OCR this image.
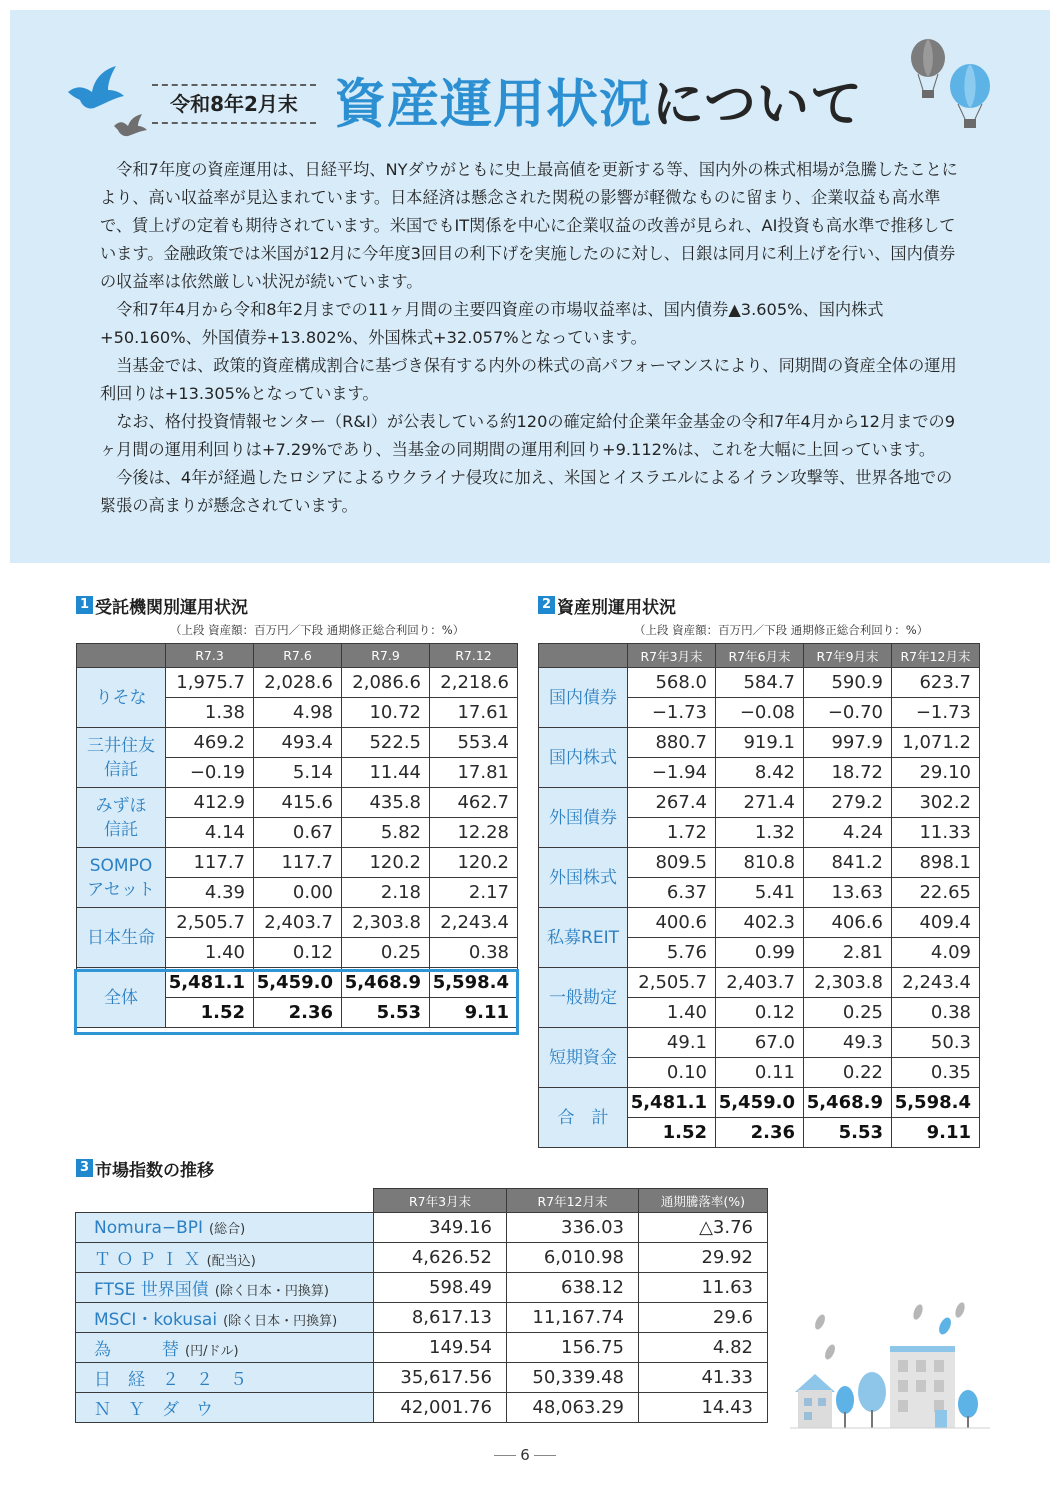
令和8年2月末 資産運用状況について

令和7年度の資産運用は、日経平均、NYダウがともに史上最高値を更新する等、国内外の株式相場が急騰したことにより、高い収益率が見込まれています。日本経済は懸念された関税の影響が軽微なものに留まり、企業収益も高水準で、賃上げの定着も期待されています。米国でもIT関係を中心に企業収益の改善が見られ、AI投資も高水準で推移しています。金融政策では米国が12月に今年度3回目の利下げを実施したのに対し、日銀は同月に利上げを行い、国内債券の収益率は依然厳しい状況が続いています。

令和7年4月から令和8年2月までの11ヶ月間の主要四資産の市場収益率は、国内債券▲3.605%、国内株式+50.160%、外国債券+13.802%、外国株式+32.057%となっています。

当基金では、政策的資産構成割合に基づき保有する内外の株式の高パフォーマンスにより、同期間の資産全体の運用利回りは+13.305%となっています。

なお、格付投資情報センター（R&I）が公表している約120の確定給付企業年金基金の令和7年4月から12月までの9ヶ月間の運用利回りは+7.29%であり、当基金の同期間の運用利回り+9.112%は、これを大幅に上回っています。

今後は、4年が経過したロシアによるウクライナ侵攻に加え、米国とイスラエルによるイラン攻撃等、世界各地での緊張の高まりが懸念されています。

1 受託機関別運用状況
（上段 資産額：百万円／下段 通期修正総合利回り：%）
	R7.3	R7.6	R7.9	R7.12

りそな	1,975.7	2,028.6	2,086.6	2,218.6
	1.38	4.98	10.72	17.61

三井住友
信託	469.2	493.4	522.5	553.4
	−0.19	5.14	11.44	17.81

みずほ
信託	412.9	415.6	435.8	462.7
	4.14	0.67	5.82	12.28

SOMPO
アセット	117.7	117.7	120.2	120.2
	4.39	0.00	2.18	2.17

日本生命	2,505.7	2,403.7	2,303.8	2,243.4
	1.40	0.12	0.25	0.38
全体	5,481.1	5,459.0	5,468.9	5,598.4
	1.52	2.36	5.53	9.11
2 資産別運用状況
（上段 資産額：百万円／下段 通期修正総合利回り：%）
	R7年3月末	R7年6月末	R7年9月末	R7年12月末
国内債券	568.0	584.7	590.9	623.7
	−1.73	−0.08	−0.70	−1.73
国内株式	880.7	919.1	997.9	1,071.2
	−1.94	8.42	18.72	29.10
外国債券	267.4	271.4	279.2	302.2
	1.72	1.32	4.24	11.33
外国株式	809.5	810.8	841.2	898.1
	6.37	5.41	13.63	22.65
私募REIT	400.6	402.3	406.6	409.4
	5.76	0.99	2.81	4.09
一般勘定	2,505.7	2,403.7	2,303.8	2,243.4
	1.40	0.12	0.25	0.38
短期資金	49.1	67.0	49.3	50.3
	0.10	0.11	0.22	0.35
合　計	5,481.1	5,459.0	5,468.9	5,598.4
	1.52	2.36	5.53	9.11
3 市場指数の推移
	R7年3月末	R7年12月末	通期騰落率(%)
Nomura−BPI (総合)	349.16	336.03	△3.76
Ｔ Ｏ Ｐ Ｉ Ｘ (配当込)	4,626.52	6,010.98	29.92
FTSE 世界国債 (除く日本・円換算)	598.49	638.12	11.63
MSCI・kokusai (除く日本・円換算)	8,617.13	11,167.74	29.6
為　　　替 (円/ドル)	149.54	156.75	4.82
日　経　２　２　５	35,617.56	50,339.48	41.33
Ｎ　Ｙ　ダ　ウ	42,001.76	48,063.29	14.43
6
